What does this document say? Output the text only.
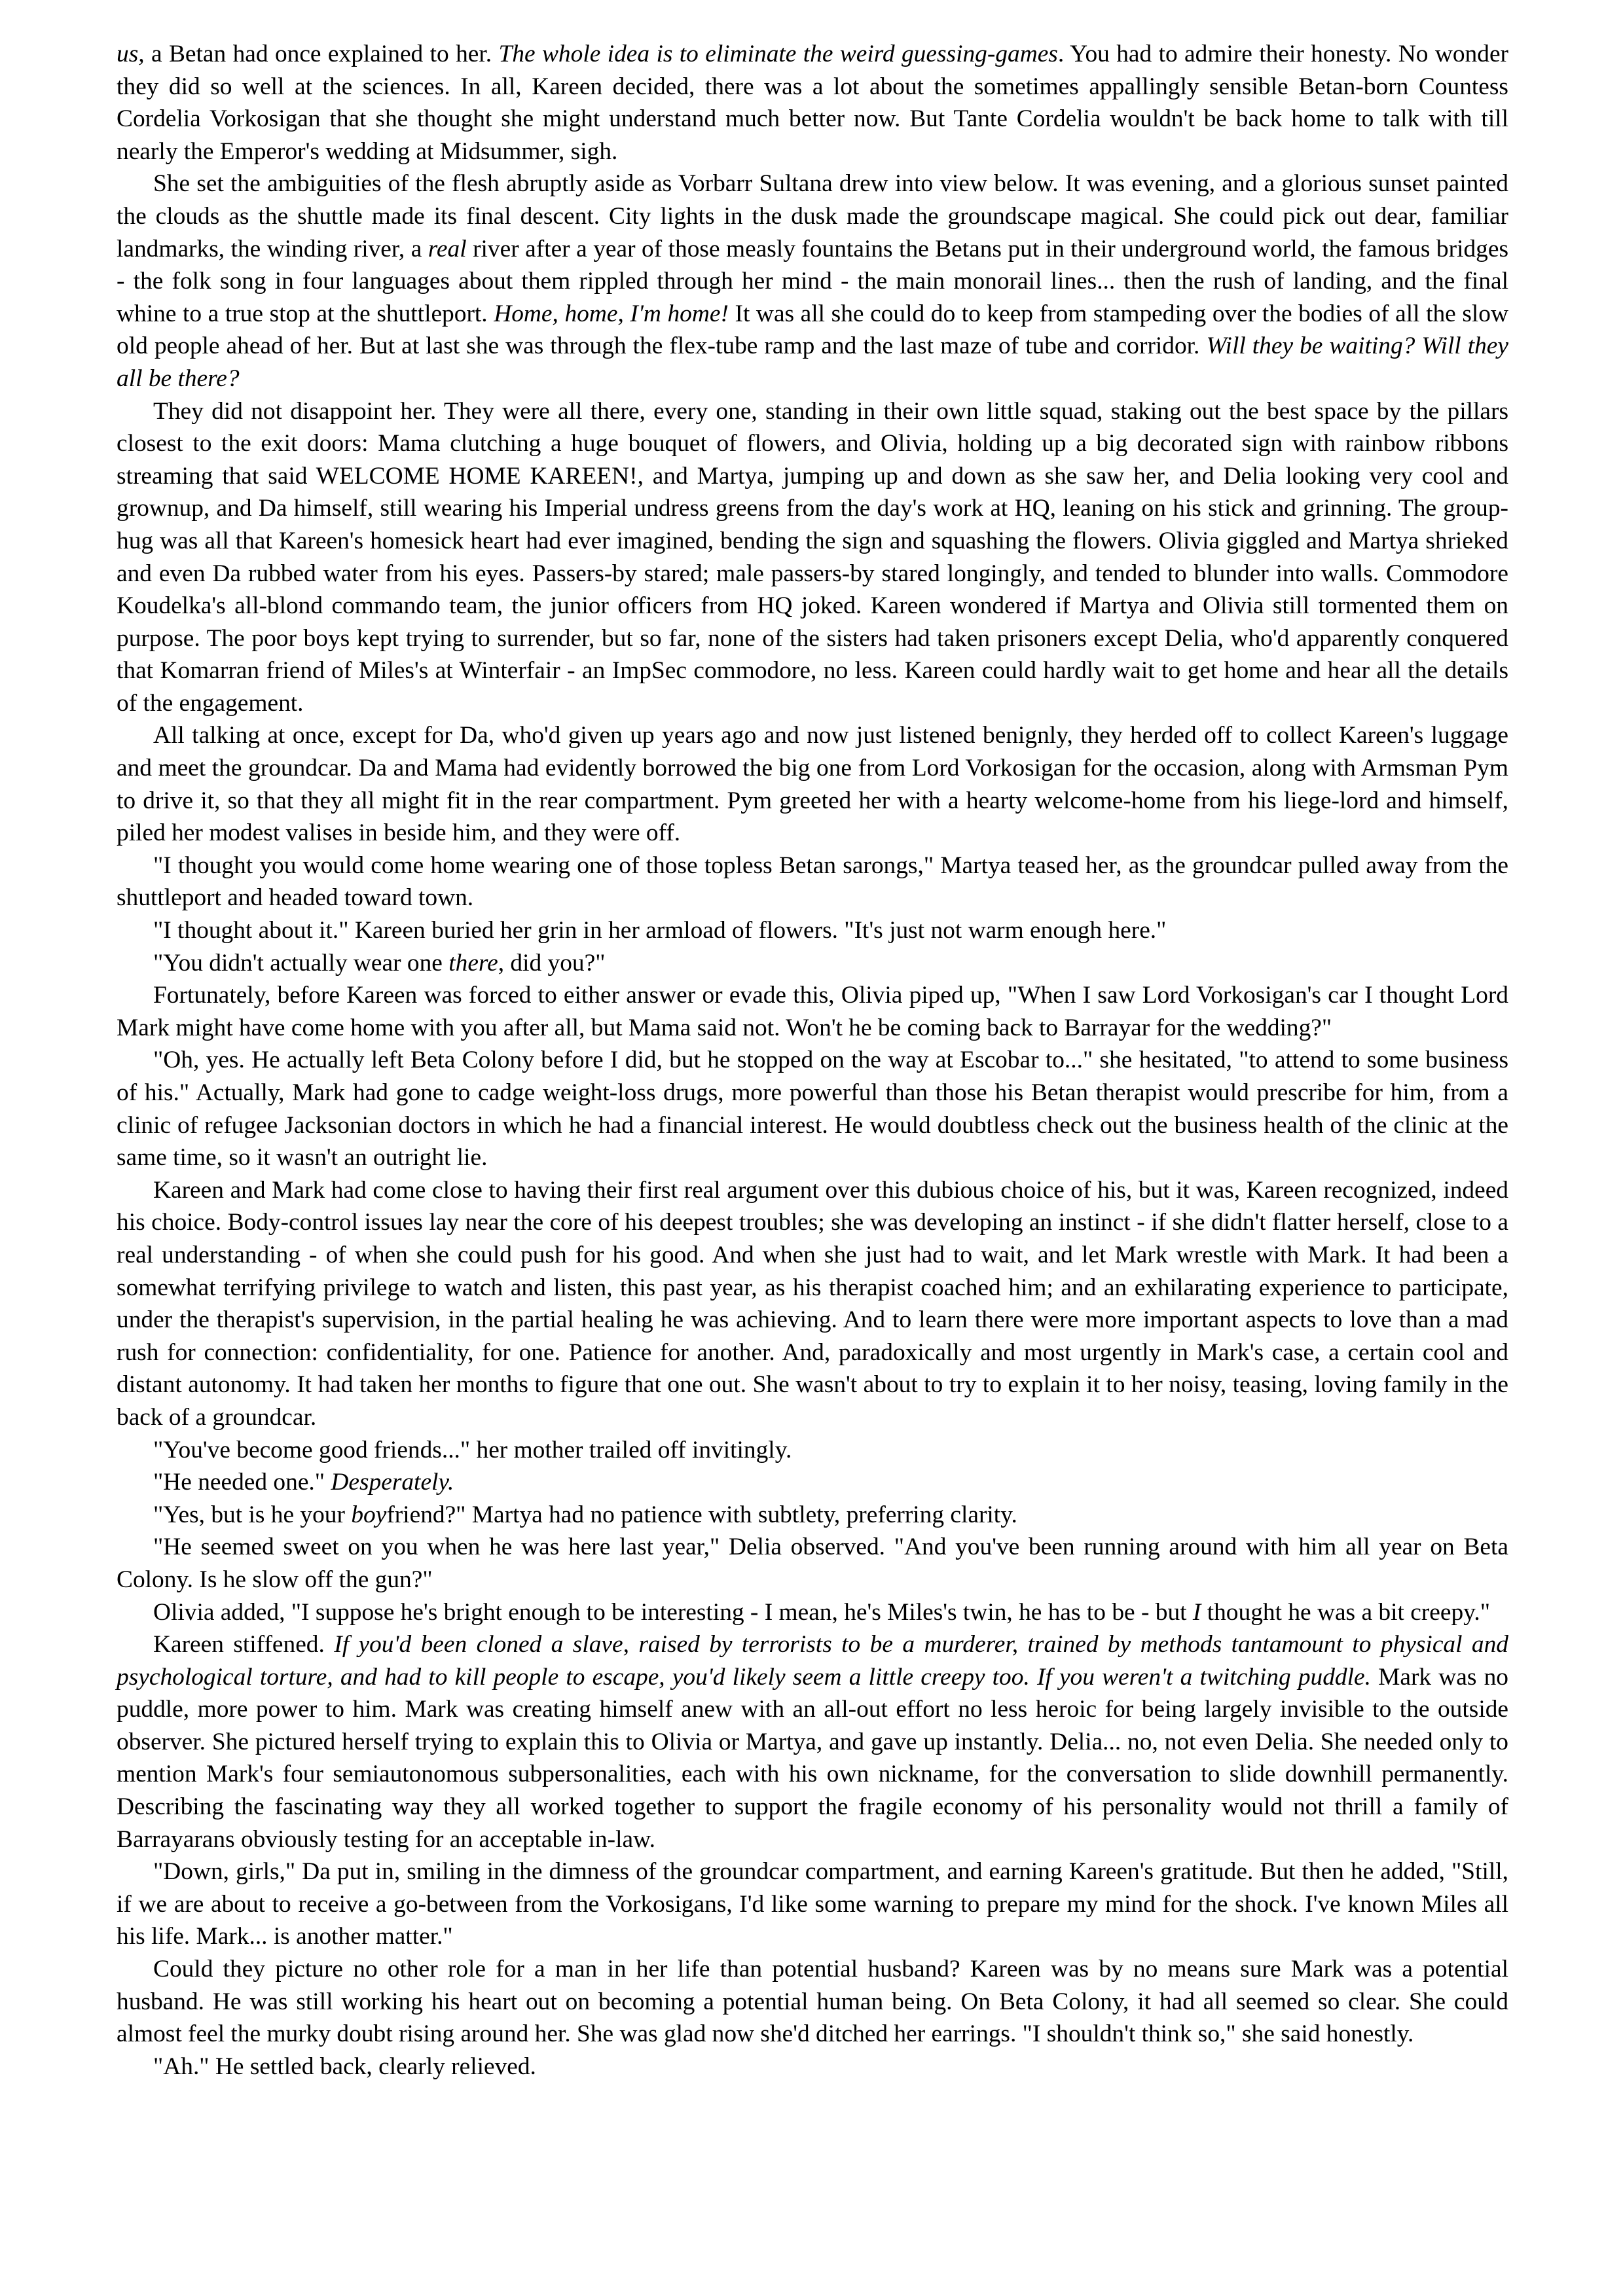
us, a Betan had once explained to her. The whole idea is to eliminate the weird guessing-games. You had to admire their honesty. No wonder they did so well at the sciences. In all, Kareen decided, there was a lot about the sometimes appallingly sensible Betan-born Countess Cordelia Vorkosigan that she thought she might understand much better now. But Tante Cordelia wouldn't be back home to talk with till nearly the Emperor's wedding at Midsummer, sigh.

She set the ambiguities of the flesh abruptly aside as Vorbarr Sultana drew into view below. It was evening, and a glorious sunset painted the clouds as the shuttle made its final descent. City lights in the dusk made the groundscape magical. She could pick out dear, familiar landmarks, the winding river, a real river after a year of those measly fountains the Betans put in their underground world, the famous bridges - the folk song in four languages about them rippled through her mind - the main monorail lines... then the rush of landing, and the final whine to a true stop at the shuttleport. Home, home, I'm home! It was all she could do to keep from stampeding over the bodies of all the slow old people ahead of her. But at last she was through the flex-tube ramp and the last maze of tube and corridor. Will they be waiting? Will they all be there?

They did not disappoint her. They were all there, every one, standing in their own little squad, staking out the best space by the pillars closest to the exit doors: Mama clutching a huge bouquet of flowers, and Olivia, holding up a big decorated sign with rainbow ribbons streaming that said WELCOME HOME KAREEN!, and Martya, jumping up and down as she saw her, and Delia looking very cool and grownup, and Da himself, still wearing his Imperial undress greens from the day's work at HQ, leaning on his stick and grinning. The group-hug was all that Kareen's homesick heart had ever imagined, bending the sign and squashing the flowers. Olivia giggled and Martya shrieked and even Da rubbed water from his eyes. Passers-by stared; male passers-by stared longingly, and tended to blunder into walls. Commodore Koudelka's all-blond commando team, the junior officers from HQ joked. Kareen wondered if Martya and Olivia still tormented them on purpose. The poor boys kept trying to surrender, but so far, none of the sisters had taken prisoners except Delia, who'd apparently conquered that Komarran friend of Miles's at Winterfair - an ImpSec commodore, no less. Kareen could hardly wait to get home and hear all the details of the engagement.

All talking at once, except for Da, who'd given up years ago and now just listened benignly, they herded off to collect Kareen's luggage and meet the groundcar. Da and Mama had evidently borrowed the big one from Lord Vorkosigan for the occasion, along with Armsman Pym to drive it, so that they all might fit in the rear compartment. Pym greeted her with a hearty welcome-home from his liege-lord and himself, piled her modest valises in beside him, and they were off.

"I thought you would come home wearing one of those topless Betan sarongs," Martya teased her, as the groundcar pulled away from the shuttleport and headed toward town.

"I thought about it." Kareen buried her grin in her armload of flowers. "It's just not warm enough here."

"You didn't actually wear one there, did you?"

Fortunately, before Kareen was forced to either answer or evade this, Olivia piped up, "When I saw Lord Vorkosigan's car I thought Lord Mark might have come home with you after all, but Mama said not. Won't he be coming back to Barrayar for the wedding?"

"Oh, yes. He actually left Beta Colony before I did, but he stopped on the way at Escobar to..." she hesitated, "to attend to some business of his." Actually, Mark had gone to cadge weight-loss drugs, more powerful than those his Betan therapist would prescribe for him, from a clinic of refugee Jacksonian doctors in which he had a financial interest. He would doubtless check out the business health of the clinic at the same time, so it wasn't an outright lie.

Kareen and Mark had come close to having their first real argument over this dubious choice of his, but it was, Kareen recognized, indeed his choice. Body-control issues lay near the core of his deepest troubles; she was developing an instinct - if she didn't flatter herself, close to a real understanding - of when she could push for his good. And when she just had to wait, and let Mark wrestle with Mark. It had been a somewhat terrifying privilege to watch and listen, this past year, as his therapist coached him; and an exhilarating experience to participate, under the therapist's supervision, in the partial healing he was achieving. And to learn there were more important aspects to love than a mad rush for connection: confidentiality, for one. Patience for another. And, paradoxically and most urgently in Mark's case, a certain cool and distant autonomy. It had taken her months to figure that one out. She wasn't about to try to explain it to her noisy, teasing, loving family in the back of a groundcar.

"You've become good friends..." her mother trailed off invitingly.

"He needed one." Desperately.

"Yes, but is he your boyfriend?" Martya had no patience with subtlety, preferring clarity.

"He seemed sweet on you when he was here last year," Delia observed. "And you've been running around with him all year on Beta Colony. Is he slow off the gun?"

Olivia added, "I suppose he's bright enough to be interesting - I mean, he's Miles's twin, he has to be - but I thought he was a bit creepy."

Kareen stiffened. If you'd been cloned a slave, raised by terrorists to be a murderer, trained by methods tantamount to physical and psychological torture, and had to kill people to escape, you'd likely seem a little creepy too. If you weren't a twitching puddle. Mark was no puddle, more power to him. Mark was creating himself anew with an all-out effort no less heroic for being largely invisible to the outside observer. She pictured herself trying to explain this to Olivia or Martya, and gave up instantly. Delia... no, not even Delia. She needed only to mention Mark's four semiautonomous subpersonalities, each with his own nickname, for the conversation to slide downhill permanently. Describing the fascinating way they all worked together to support the fragile economy of his personality would not thrill a family of Barrayarans obviously testing for an acceptable in-law.

"Down, girls," Da put in, smiling in the dimness of the groundcar compartment, and earning Kareen's gratitude. But then he added, "Still, if we are about to receive a go-between from the Vorkosigans, I'd like some warning to prepare my mind for the shock. I've known Miles all his life. Mark... is another matter."

Could they picture no other role for a man in her life than potential husband? Kareen was by no means sure Mark was a potential husband. He was still working his heart out on becoming a potential human being. On Beta Colony, it had all seemed so clear. She could almost feel the murky doubt rising around her. She was glad now she'd ditched her earrings. "I shouldn't think so," she said honestly.

"Ah." He settled back, clearly relieved.
